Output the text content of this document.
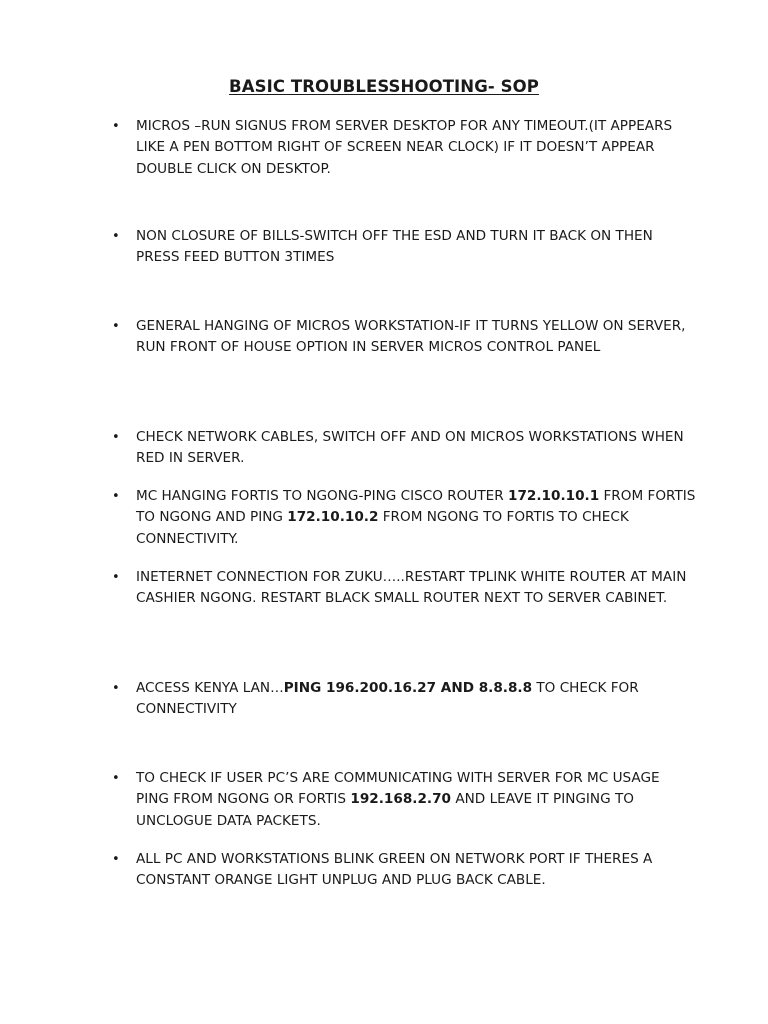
BASIC TROUBLESSHOOTING- SOP
• MICROS –RUN SIGNUS FROM SERVER DESKTOP FOR ANY TIMEOUT.(IT APPEARS LIKE A PEN BOTTOM RIGHT OF SCREEN NEAR CLOCK) IF IT DOESN’T APPEAR DOUBLE CLICK ON DESKTOP.
• NON CLOSURE OF BILLS-SWITCH OFF THE ESD AND TURN IT BACK ON THEN PRESS FEED BUTTON 3TIMES
• GENERAL HANGING OF MICROS WORKSTATION-IF IT TURNS YELLOW ON SERVER, RUN FRONT OF HOUSE OPTION IN SERVER MICROS CONTROL PANEL
• CHECK NETWORK CABLES, SWITCH OFF AND ON MICROS WORKSTATIONS WHEN RED IN SERVER.
• MC HANGING FORTIS TO NGONG-PING CISCO ROUTER 172.10.10.1 FROM FORTIS TO NGONG AND PING 172.10.10.2 FROM NGONG TO FORTIS TO CHECK CONNECTIVITY.
• INETERNET CONNECTION FOR ZUKU…..RESTART TPLINK WHITE ROUTER AT MAIN CASHIER NGONG. RESTART BLACK SMALL ROUTER NEXT TO SERVER CABINET.
• ACCESS KENYA LAN…PING 196.200.16.27 AND 8.8.8.8 TO CHECK FOR CONNECTIVITY
• TO CHECK IF USER PC’S ARE COMMUNICATING WITH SERVER FOR MC USAGE PING FROM NGONG OR FORTIS 192.168.2.70 AND LEAVE IT PINGING TO UNCLOGUE DATA PACKETS.
• ALL PC AND WORKSTATIONS BLINK GREEN ON NETWORK PORT IF THERES A CONSTANT ORANGE LIGHT UNPLUG AND PLUG BACK CABLE.
